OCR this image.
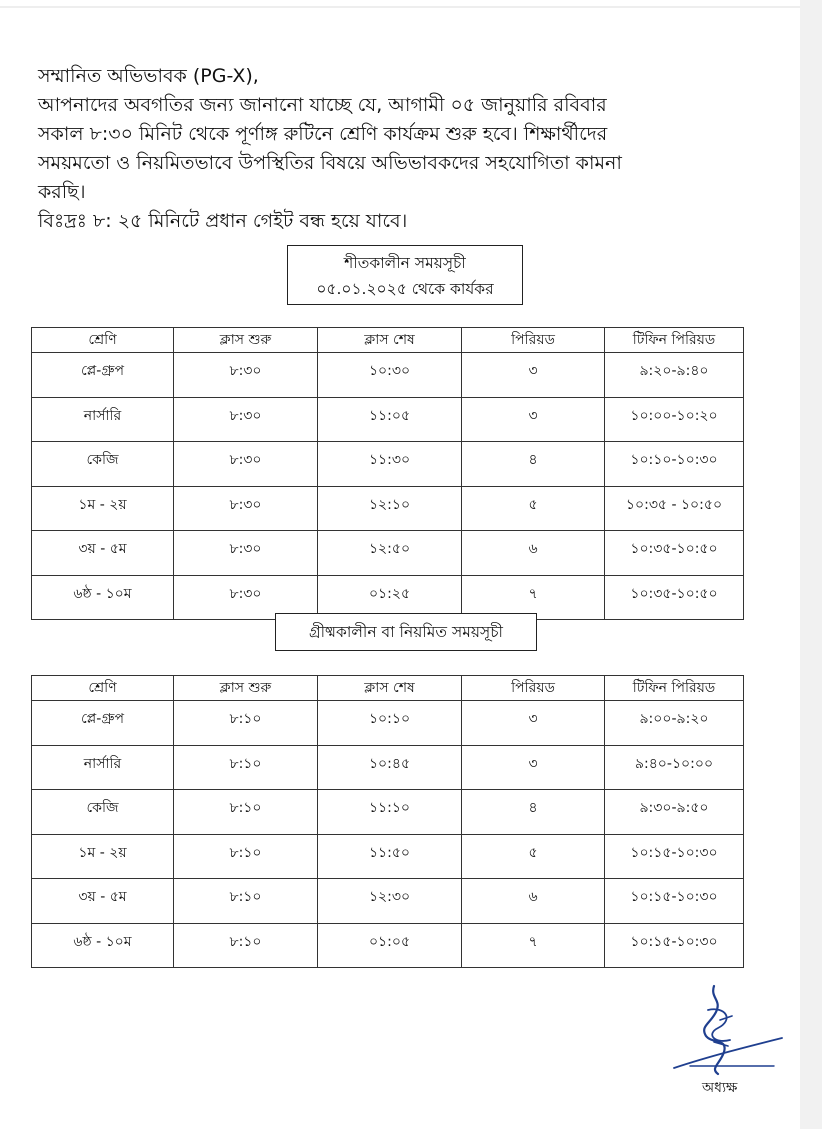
সম্মানিত অভিভাবক (PG-X),
আপনাদের অবগতির জন্য জানানো যাচ্ছে যে, আগামী ০৫ জানুয়ারি রবিবার
সকাল ৮:৩০ মিনিট থেকে পূর্ণাঙ্গ রুটিনে শ্রেণি কার্যক্রম শুরু হবে। শিক্ষার্থীদের
সময়মতো ও নিয়মিতভাবে উপস্থিতির বিষয়ে অভিভাবকদের সহযোগিতা কামনা
করছি।
বিঃদ্রঃ ৮: ২৫ মিনিটে প্রধান গেইট বন্ধ হয়ে যাবে।
শীতকালীন সময়সূচী
০৫.০১.২০২৫ থেকে কার্যকর
শ্রেণি	ক্লাস শুরু	ক্লাস শেষ	পিরিয়ড	টিফিন পিরিয়ড
প্লে-গ্রুপ	৮:৩০	১০:৩০	৩	৯:২০-৯:৪০
নার্সারি	৮:৩০	১১:০৫	৩	১০:০০-১০:২০
কেজি	৮:৩০	১১:৩০	৪	১০:১০-১০:৩০
১ম - ২য়	৮:৩০	১২:১০	৫	১০:৩৫ - ১০:৫০
৩য় - ৫ম	৮:৩০	১২:৫০	৬	১০:৩৫-১০:৫০
৬ষ্ঠ - ১০ম	৮:৩০	০১:২৫	৭	১০:৩৫-১০:৫০
গ্রীষ্মকালীন বা নিয়মিত সময়সূচী
শ্রেণি	ক্লাস শুরু	ক্লাস শেষ	পিরিয়ড	টিফিন পিরিয়ড
প্লে-গ্রুপ	৮:১০	১০:১০	৩	৯:০০-৯:২০
নার্সারি	৮:১০	১০:৪৫	৩	৯:৪০-১০:০০
কেজি	৮:১০	১১:১০	৪	৯:৩০-৯:৫০
১ম - ২য়	৮:১০	১১:৫০	৫	১০:১৫-১০:৩০
৩য় - ৫ম	৮:১০	১২:৩০	৬	১০:১৫-১০:৩০
৬ষ্ঠ - ১০ম	৮:১০	০১:০৫	৭	১০:১৫-১০:৩০
অধ্যক্ষ
